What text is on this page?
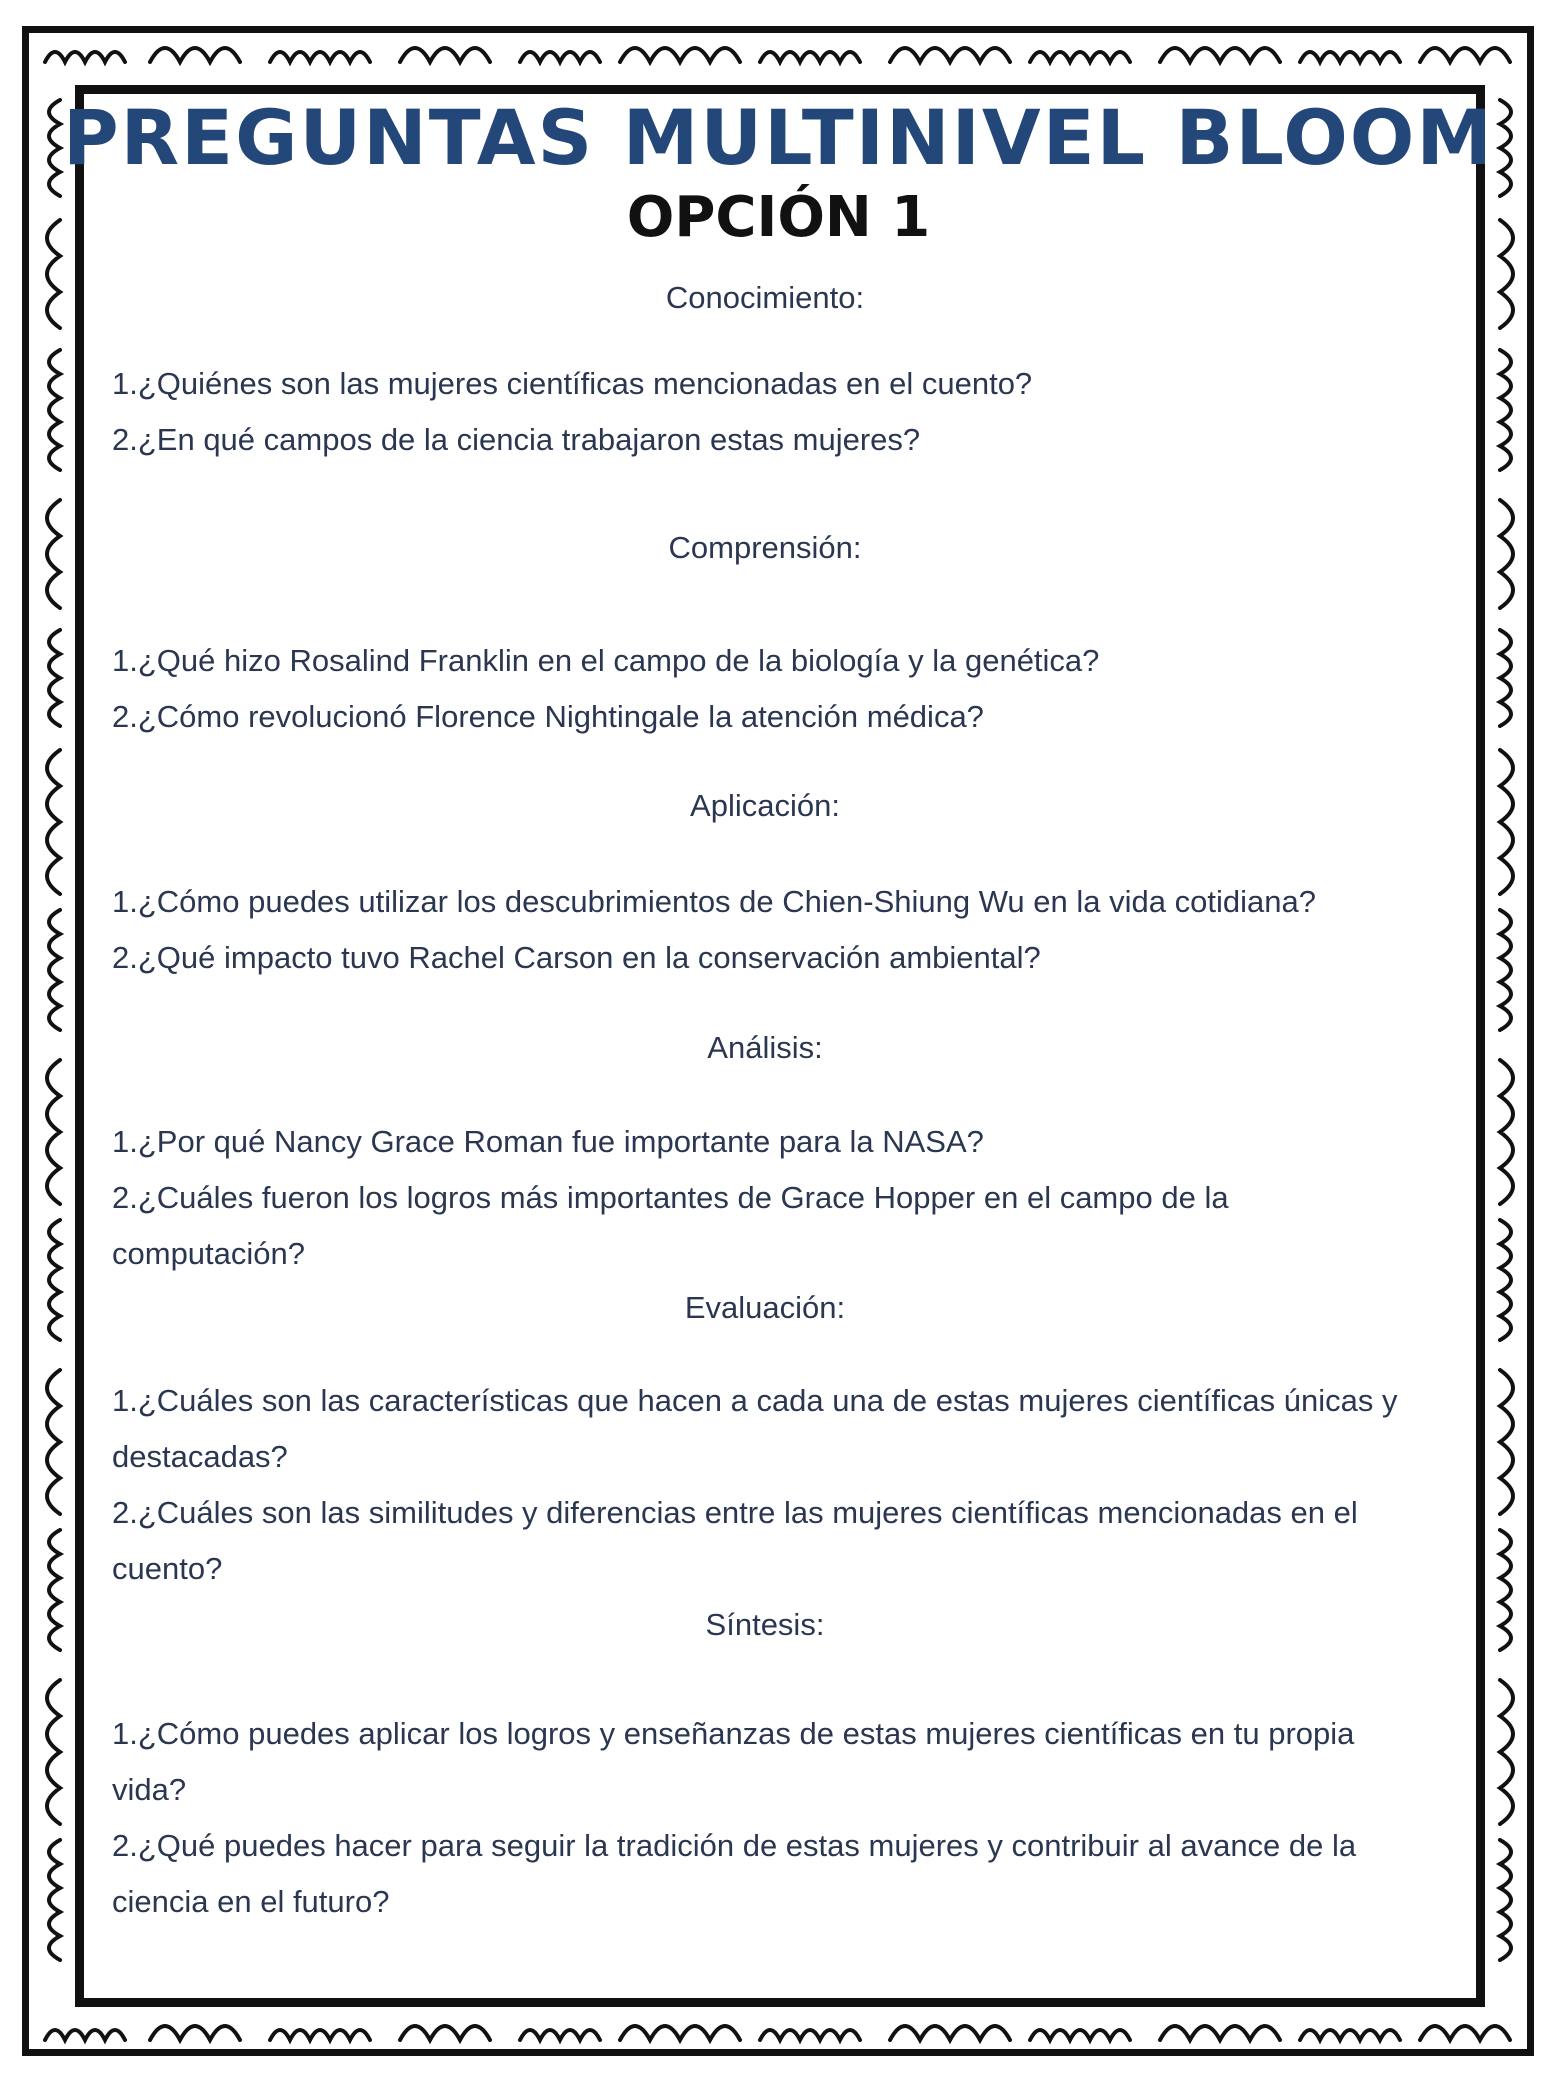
PREGUNTAS MULTINIVEL BLOOM
OPCIÓN 1
Conocimiento:
1.¿Quiénes son las mujeres científicas mencionadas en el cuento?
2.¿En qué campos de la ciencia trabajaron estas mujeres?
Comprensión:
1.¿Qué hizo Rosalind Franklin en el campo de la biología y la genética?
2.¿Cómo revolucionó Florence Nightingale la atención médica?
Aplicación:
1.¿Cómo puedes utilizar los descubrimientos de Chien-Shiung Wu en la vida cotidiana?
2.¿Qué impacto tuvo Rachel Carson en la conservación ambiental?
Análisis:
1.¿Por qué Nancy Grace Roman fue importante para la NASA?
2.¿Cuáles fueron los logros más importantes de Grace Hopper en el campo de la computación?
Evaluación:
1.¿Cuáles son las características que hacen a cada una de estas mujeres científicas únicas y destacadas?
2.¿Cuáles son las similitudes y diferencias entre las mujeres científicas mencionadas en el cuento?
Síntesis:
1.¿Cómo puedes aplicar los logros y enseñanzas de estas mujeres científicas en tu propia vida?
2.¿Qué puedes hacer para seguir la tradición de estas mujeres y contribuir al avance de la ciencia en el futuro?
